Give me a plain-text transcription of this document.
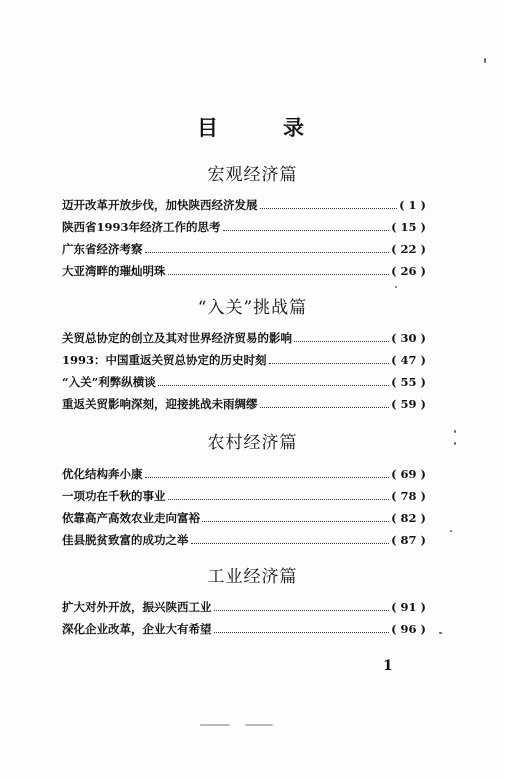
目　录
宏观经济篇
迈开改革开放步伐，加快陕西经济发展	( 1 )
陕西省1993年经济工作的思考	( 15 )
广东省经济考察	( 22 )
大亚湾畔的璀灿明珠	( 26 )
“入关”挑战篇
关贸总协定的创立及其对世界经济贸易的影响	( 30 )
1993：中国重返关贸总协定的历史时刻	( 47 )
“入关”利弊纵横谈	( 55 )
重返关贸影响深刻，迎接挑战未雨绸缪	( 59 )
农村经济篇
优化结构奔小康	( 69 )
一项功在千秋的事业	( 78 )
依靠高产高效农业走向富裕	( 82 )
佳县脱贫致富的成功之举	( 87 )
工业经济篇
扩大对外开放，振兴陕西工业	( 91 )
深化企业改革，企业大有希望	( 96 )
1
